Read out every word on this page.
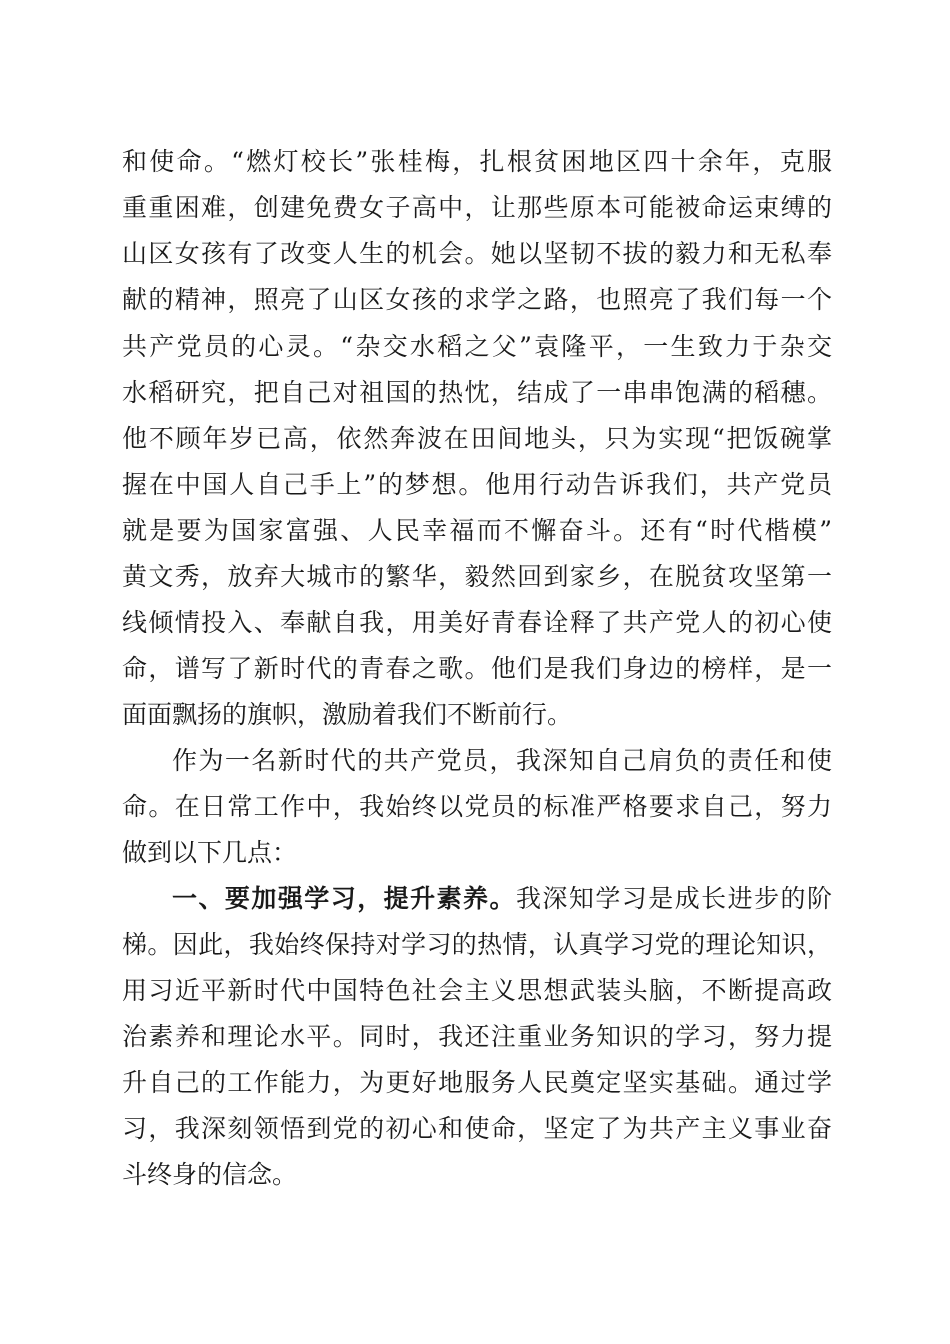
和使命。“燃灯校长”张桂梅，扎根贫困地区四十余年，克服
重重困难，创建免费女子高中，让那些原本可能被命运束缚的
山区女孩有了改变人生的机会。她以坚韧不拔的毅力和无私奉
献的精神，照亮了山区女孩的求学之路，也照亮了我们每一个
共产党员的心灵。“杂交水稻之父”袁隆平，一生致力于杂交
水稻研究，把自己对祖国的热忱，结成了一串串饱满的稻穗。
他不顾年岁已高，依然奔波在田间地头，只为实现“把饭碗掌
握在中国人自己手上”的梦想。他用行动告诉我们，共产党员
就是要为国家富强、人民幸福而不懈奋斗。还有“时代楷模”
黄文秀，放弃大城市的繁华，毅然回到家乡，在脱贫攻坚第一
线倾情投入、奉献自我，用美好青春诠释了共产党人的初心使
命，谱写了新时代的青春之歌。他们是我们身边的榜样，是一
面面飘扬的旗帜，激励着我们不断前行。
作为一名新时代的共产党员，我深知自己肩负的责任和使
命。在日常工作中，我始终以党员的标准严格要求自己，努力
做到以下几点：
一、要加强学习，提升素养。我深知学习是成长进步的阶
梯。因此，我始终保持对学习的热情，认真学习党的理论知识，
用习近平新时代中国特色社会主义思想武装头脑，不断提高政
治素养和理论水平。同时，我还注重业务知识的学习，努力提
升自己的工作能力，为更好地服务人民奠定坚实基础。通过学
习，我深刻领悟到党的初心和使命，坚定了为共产主义事业奋
斗终身的信念。
